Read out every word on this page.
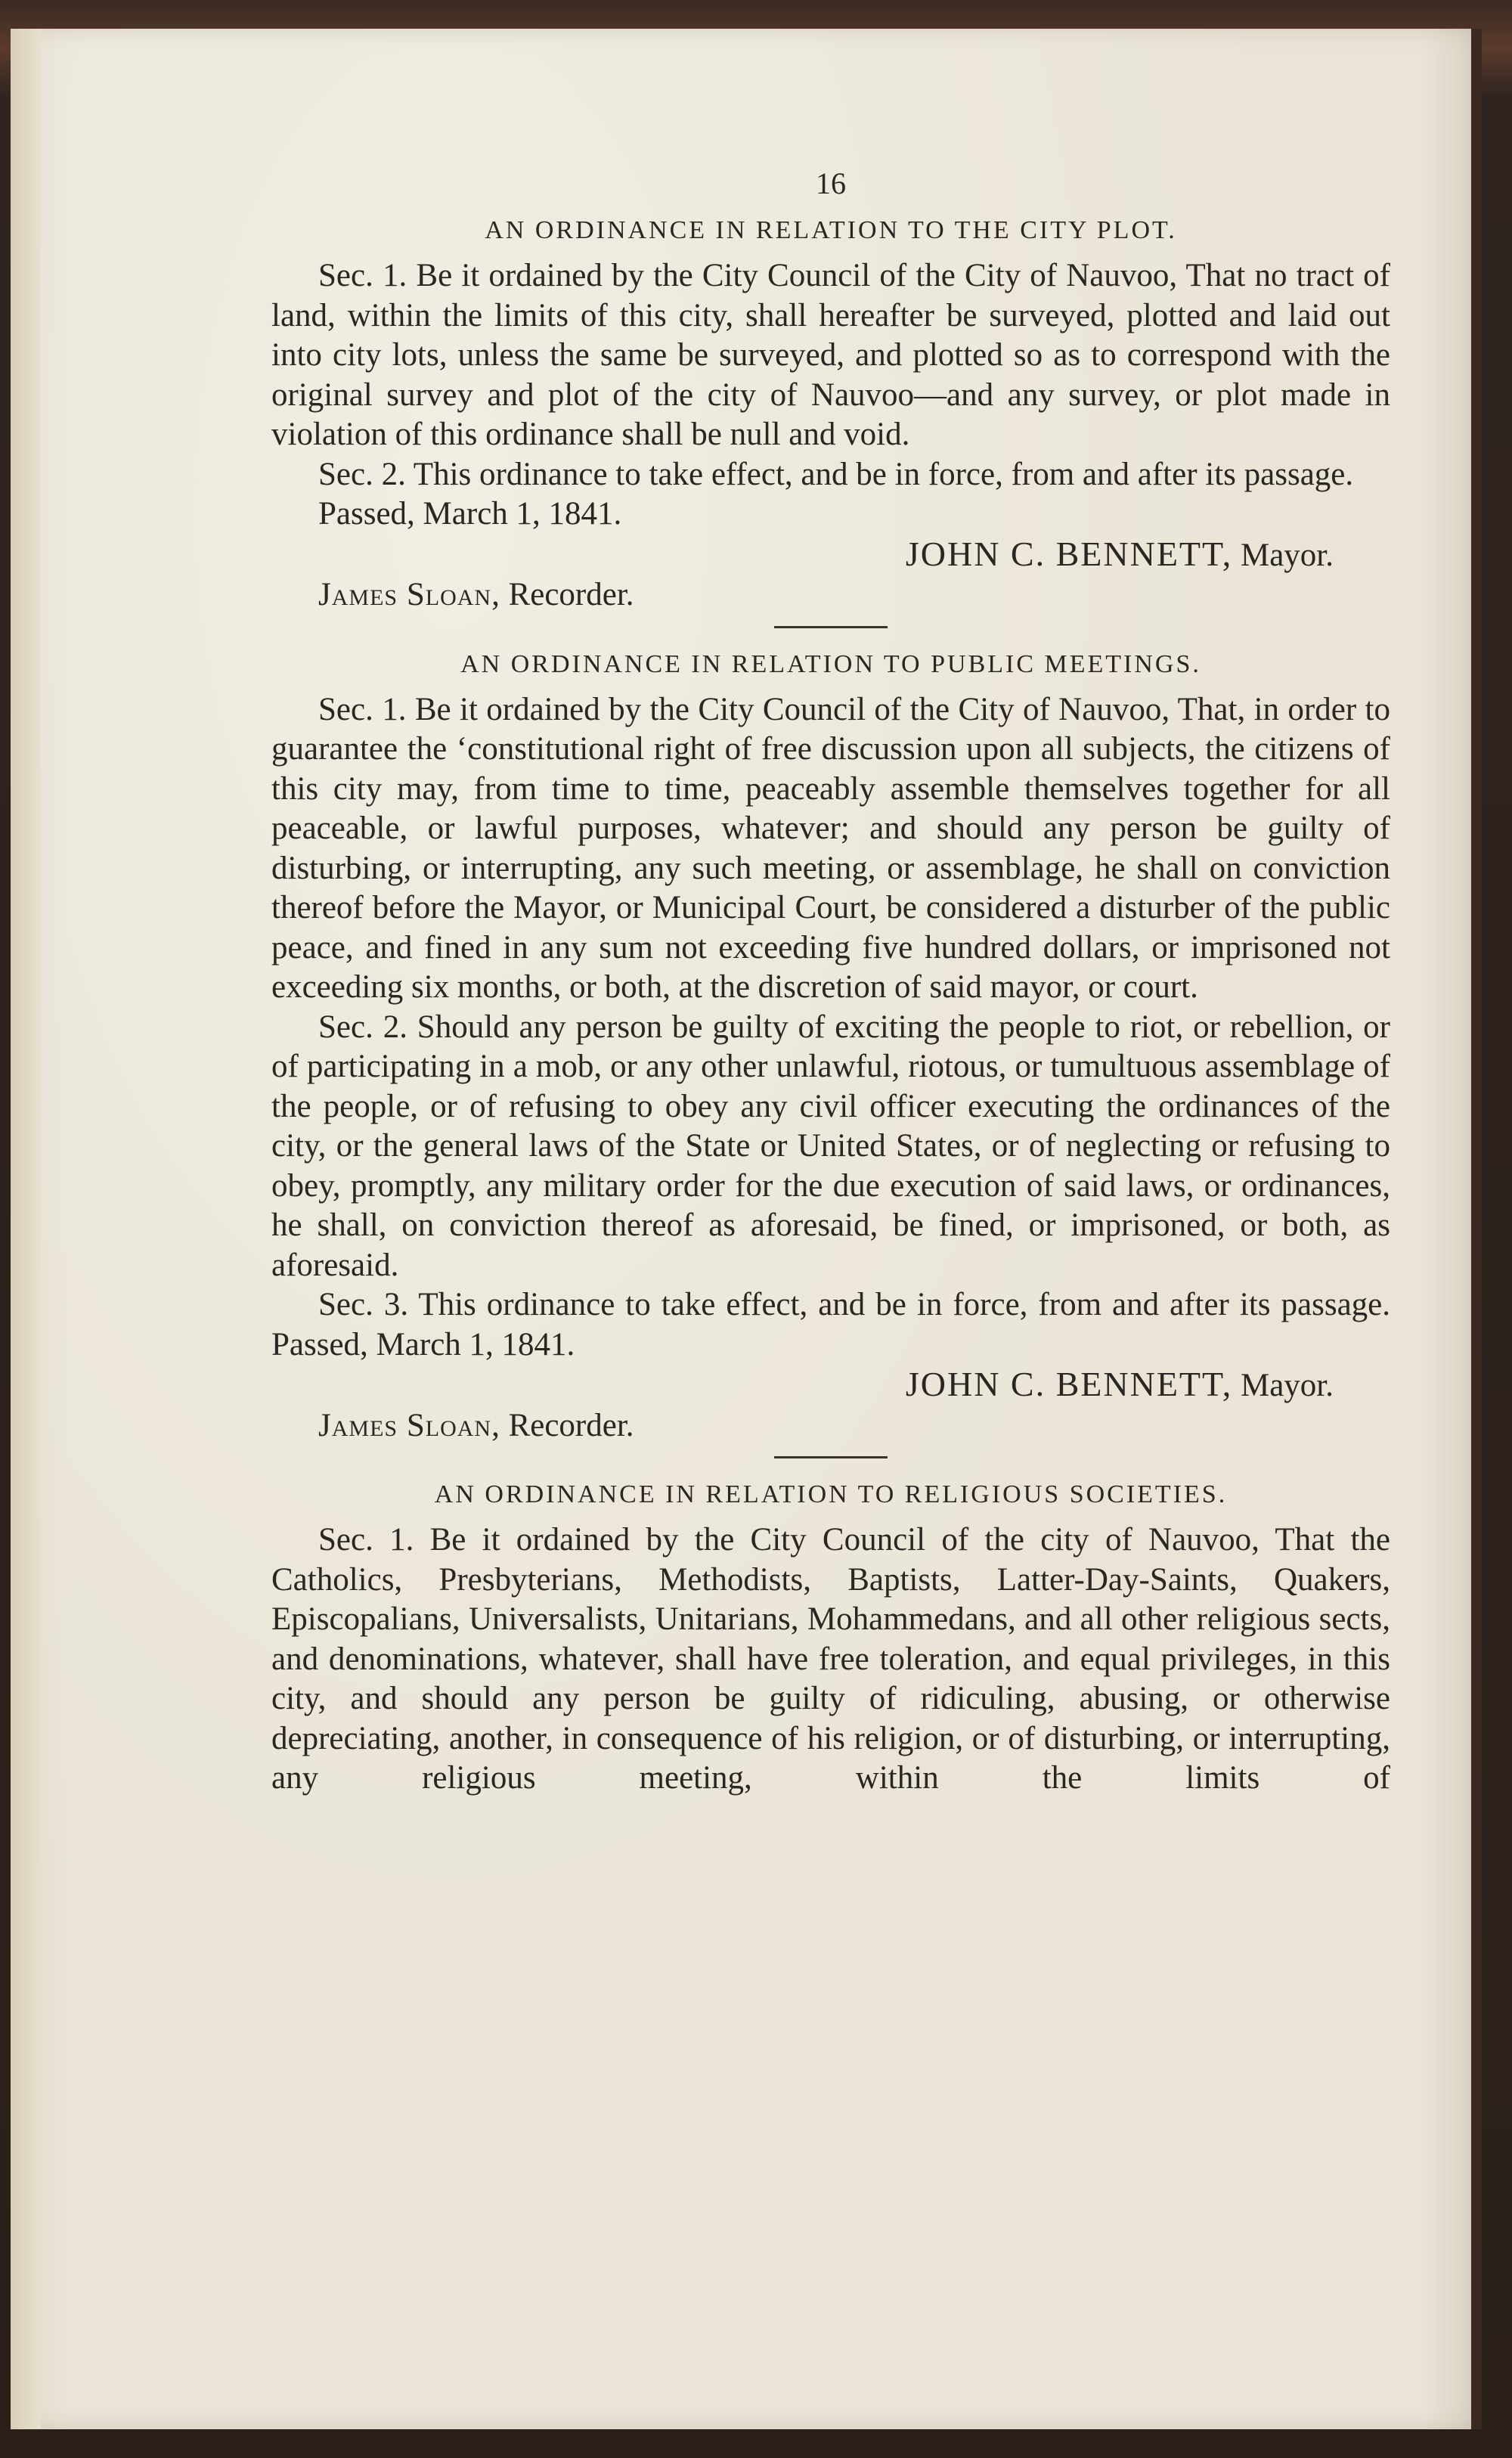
16
AN ORDINANCE IN RELATION TO THE CITY PLOT.

Sec. 1. Be it ordained by the City Council of the City of Nauvoo, That no tract of land, within the limits of this city, shall hereafter be surveyed, plotted and laid out into city lots, unless the same be surveyed, and plotted so as to correspond with the original survey and plot of the city of Nauvoo—and any survey, or plot made in violation of this ordinance shall be null and void.

Sec. 2. This ordinance to take effect, and be in force, from and after its passage.

Passed, March 1, 1841.

JOHN C. BENNETT, Mayor.

James Sloan, Recorder.

AN ORDINANCE IN RELATION TO PUBLIC MEETINGS.

Sec. 1. Be it ordained by the City Council of the City of Nauvoo, That, in order to guarantee the ‘constitutional right of free discussion upon all subjects, the citizens of this city may, from time to time, peaceably assemble themselves together for all peaceable, or lawful purposes, whatever; and should any person be guilty of disturbing, or interrupting, any such meeting, or assemblage, he shall on conviction thereof before the Mayor, or Municipal Court, be considered a disturber of the public peace, and fined in any sum not exceeding five hundred dollars, or imprisoned not exceeding six months, or both, at the discretion of said mayor, or court.

Sec. 2. Should any person be guilty of exciting the people to riot, or rebellion, or of participating in a mob, or any other unlawful, riotous, or tumultuous assemblage of the people, or of refusing to obey any civil officer executing the ordinances of the city, or the general laws of the State or United States, or of neglecting or refusing to obey, promptly, any military order for the due execution of said laws, or ordinances, he shall, on conviction thereof as aforesaid, be fined, or imprisoned, or both, as aforesaid.

Sec. 3. This ordinance to take effect, and be in force, from and after its passage.     Passed, March 1, 1841.

JOHN C. BENNETT, Mayor.

James Sloan, Recorder.

AN ORDINANCE IN RELATION TO RELIGIOUS SOCIETIES.

Sec. 1. Be it ordained by the City Council of the city of Nauvoo, That the Catholics, Presbyterians, Methodists, Baptists, Latter-Day-Saints, Quakers, Episcopalians, Universalists, Unitarians, Mohammedans, and all other religious sects, and denominations, whatever, shall have free toleration, and equal privileges, in this city, and should any person be guilty of ridiculing, abusing, or otherwise depreciating, another, in consequence of his religion, or of disturbing, or interrupting, any religious meeting, within the limits of
